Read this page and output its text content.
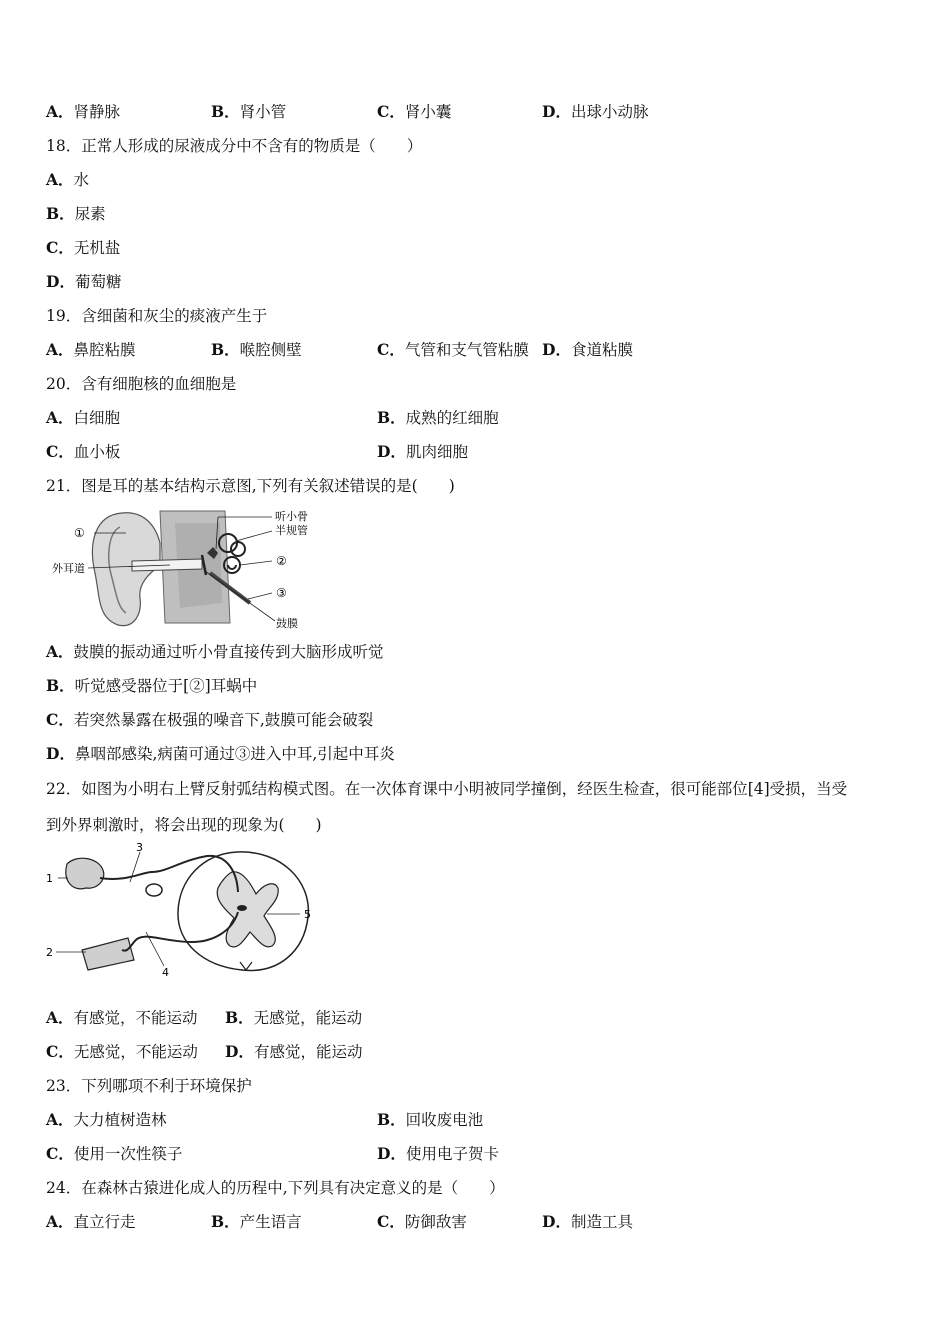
A．肾静脉	B．肾小管	C．肾小囊	D．出球小动脉
18．正常人形成的尿液成分中不含有的物质是（　　）
A．水
B．尿素
C．无机盐
D．葡萄糖
19．含细菌和灰尘的痰液产生于
A．鼻腔粘膜	B．喉腔侧壁	C．气管和支气管粘膜 D．食道粘膜
20．含有细胞核的血细胞是
A．白细胞	B．成熟的红细胞
C．血小板	D．肌肉细胞
21．图是耳的基本结构示意图,下列有关叙述错误的是(　　)
①
外耳道
听小骨
半规管
②
③
鼓膜
A．鼓膜的振动通过听小骨直接传到大脑形成听觉
B．听觉感受器位于[②]耳蜗中
C．若突然暴露在极强的噪音下,鼓膜可能会破裂
D．鼻咽部感染,病菌可通过③进入中耳,引起中耳炎
22．如图为小明右上臂反射弧结构模式图。在一次体育课中小明被同学撞倒，经医生检查，很可能部位[4]受损，当受
到外界刺激时，将会出现的现象为(　　)
1
2
3
4
5
A．有感觉，不能运动 B．无感觉，能运动
C．无感觉，不能运动 D．有感觉，能运动
23．下列哪项不利于环境保护
A．大力植树造林	B．回收废电池
C．使用一次性筷子	D．使用电子贺卡
24．在森林古猿进化成人的历程中,下列具有决定意义的是（　　）
A．直立行走	B．产生语言	C．防御敌害	D．制造工具
